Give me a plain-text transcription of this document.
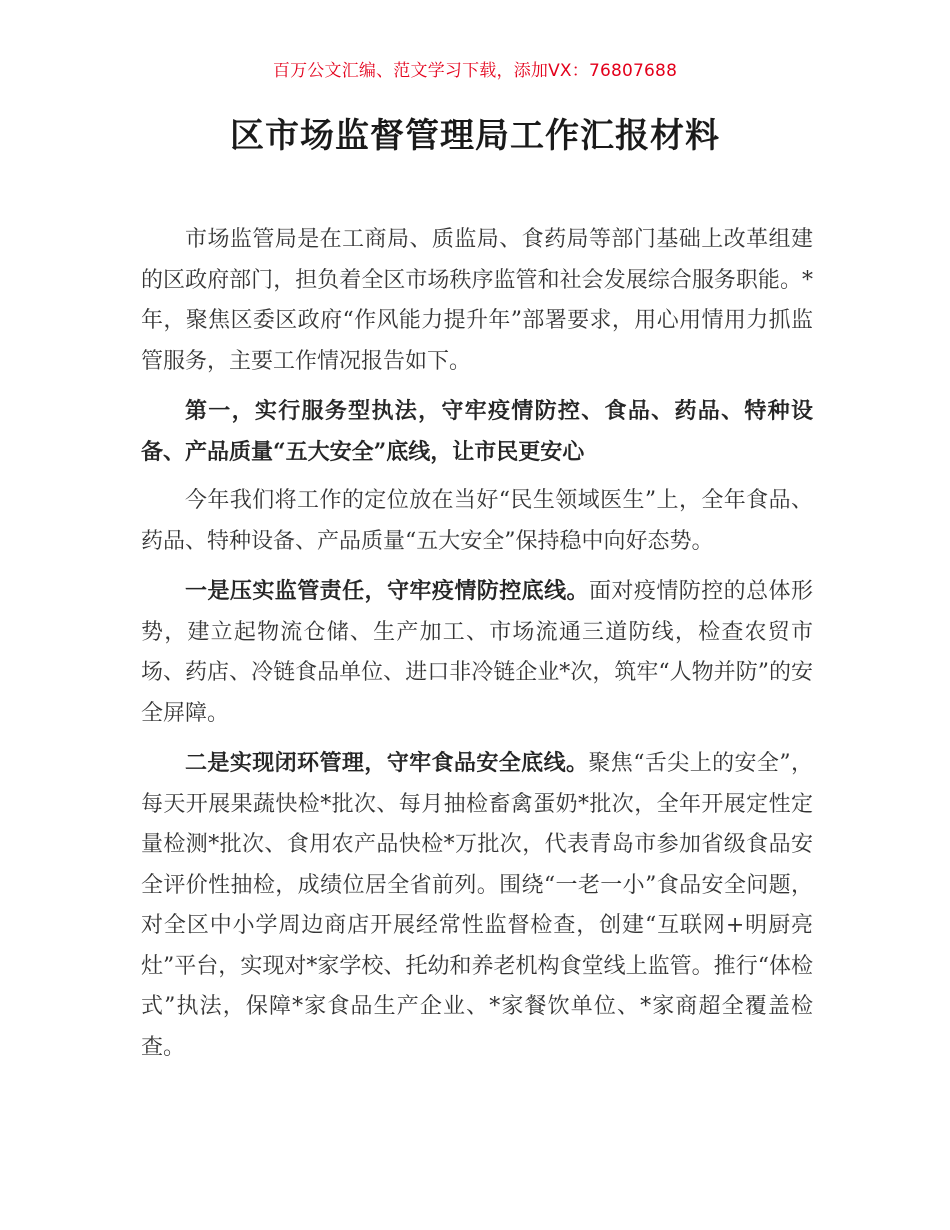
百万公文汇编、范文学习下载，添加VX：76807688
区市场监督管理局工作汇报材料

市场监管局是在工商局、质监局、食药局等部门基础上改革组建的区政府部门，担负着全区市场秩序监管和社会发展综合服务职能。*年，聚焦区委区政府“作风能力提升年”部署要求，用心用情用力抓监管服务，主要工作情况报告如下。

第一，实行服务型执法，守牢疫情防控、食品、药品、特种设备、产品质量“五大安全”底线，让市民更安心

今年我们将工作的定位放在当好“民生领域医生”上，全年食品、药品、特种设备、产品质量“五大安全”保持稳中向好态势。

一是压实监管责任，守牢疫情防控底线。面对疫情防控的总体形势，建立起物流仓储、生产加工、市场流通三道防线，检查农贸市场、药店、冷链食品单位、进口非冷链企业*次，筑牢“人物并防”的安全屏障。

二是实现闭环管理，守牢食品安全底线。聚焦“舌尖上的安全”，每天开展果蔬快检*批次、每月抽检畜禽蛋奶*批次，全年开展定性定量检测*批次、食用农产品快检*万批次，代表青岛市参加省级食品安全评价性抽检，成绩位居全省前列。围绕“一老一小”食品安全问题，对全区中小学周边商店开展经常性监督检查，创建“互联网+明厨亮灶”平台，实现对*家学校、托幼和养老机构食堂线上监管。推行“体检式”执法，保障*家食品生产企业、*家餐饮单位、*家商超全覆盖检查。
